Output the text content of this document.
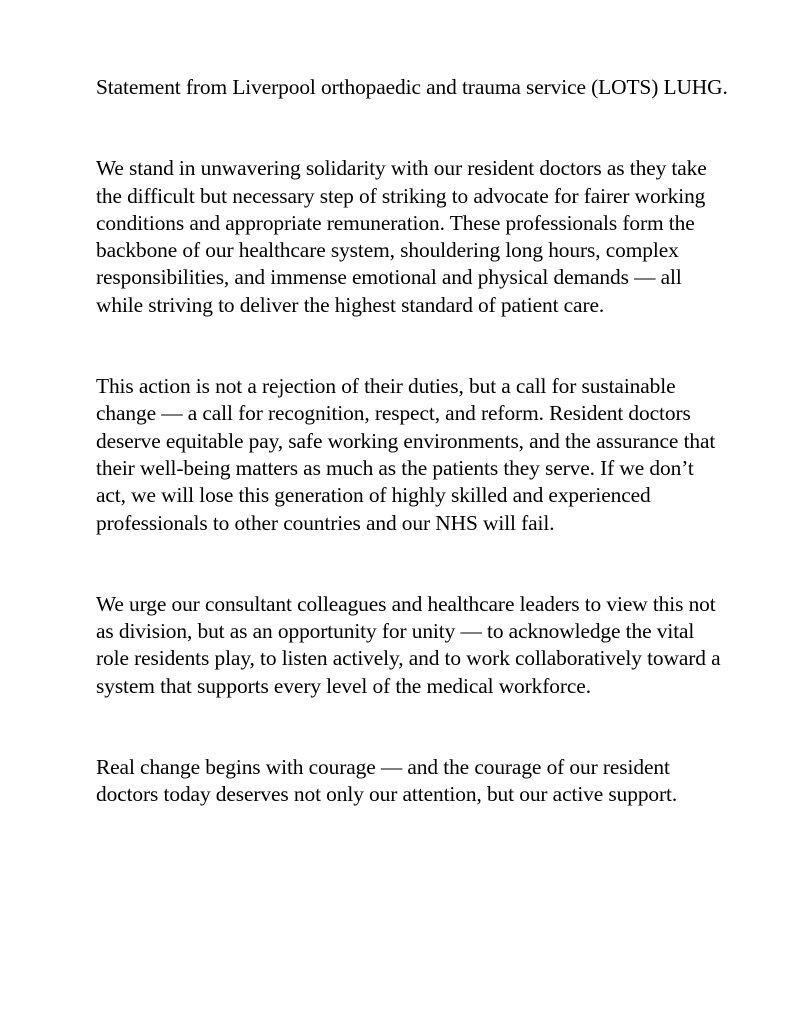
Statement from Liverpool orthopaedic and trauma service (LOTS) LUHG.

We stand in unwavering solidarity with our resident doctors as they take the difficult but necessary step of striking to advocate for fairer working conditions and appropriate remuneration. These professionals form the backbone of our healthcare system, shouldering long hours, complex responsibilities, and immense emotional and physical demands — all while striving to deliver the highest standard of patient care.

This action is not a rejection of their duties, but a call for sustainable change — a call for recognition, respect, and reform. Resident doctors deserve equitable pay, safe working environments, and the assurance that their well-being matters as much as the patients they serve. If we don’t act, we will lose this generation of highly skilled and experienced professionals to other countries and our NHS will fail.

We urge our consultant colleagues and healthcare leaders to view this not as division, but as an opportunity for unity — to acknowledge the vital role residents play, to listen actively, and to work collaboratively toward a system that supports every level of the medical workforce.

Real change begins with courage — and the courage of our resident doctors today deserves not only our attention, but our active support.
